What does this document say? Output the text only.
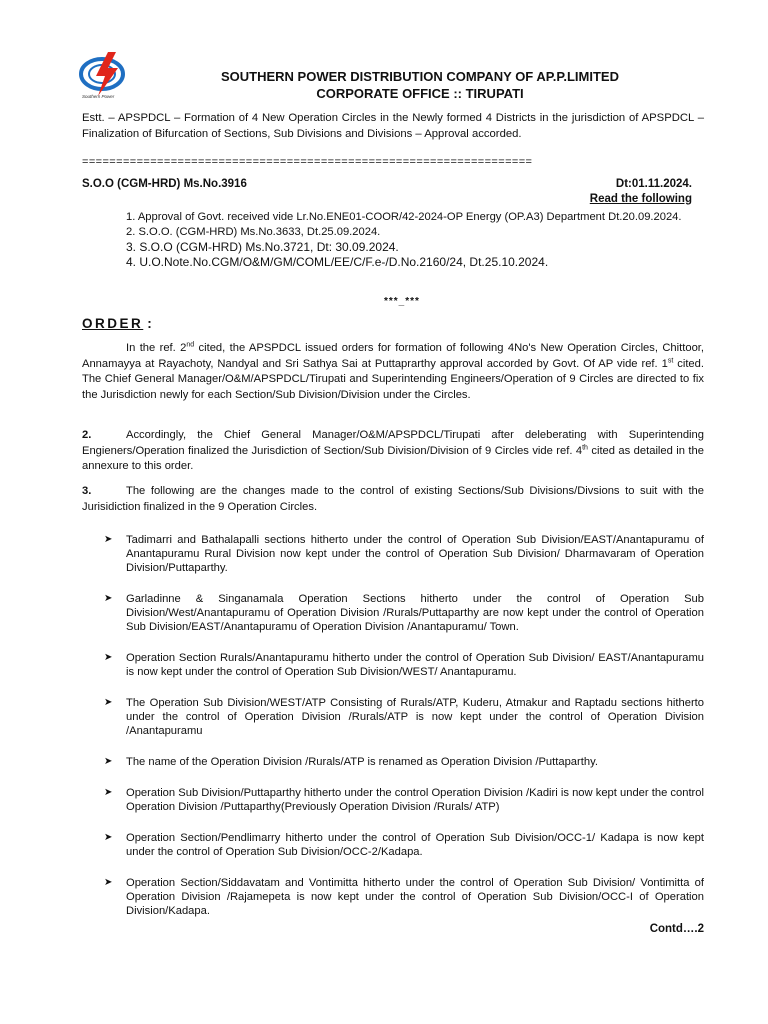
Southern Power
SOUTHERN POWER DISTRIBUTION COMPANY OF AP.P.LIMITED
CORPORATE OFFICE :: TIRUPATI
Estt. – APSPDCL – Formation of 4 New Operation Circles in the Newly formed 4 Districts in the jurisdiction of APSPDCL – Finalization of Bifurcation of Sections, Sub Divisions and Divisions – Approval accorded.
==================================================================
S.O.O (CGM-HRD) Ms.No.3916	Dt:01.11.2024.
Read the following
1. Approval of Govt. received vide Lr.No.ENE01-COOR/42-2024-OP Energy (OP.A3) Department Dt.20.09.2024.
2. S.O.O. (CGM-HRD) Ms.No.3633, Dt.25.09.2024.
3. S.O.O (CGM-HRD) Ms.No.3721, Dt: 30.09.2024.
4. U.O.Note.No.CGM/O&M/GM/COML/EE/C/F.e-/D.No.2160/24, Dt.25.10.2024.
***_***
ORDER :
In the ref. 2nd cited, the APSPDCL issued orders for formation of following 4No's New Operation Circles, Chittoor, Annamayya at Rayachoty, Nandyal and Sri Sathya Sai at Puttaprarthy approval accorded by Govt. Of AP vide ref. 1st cited. The Chief General Manager/O&M/APSPDCL/Tirupati and Superintending Engineers/Operation of 9 Circles are directed to fix the Jurisdiction newly for each Section/Sub Division/Division under the Circles.
2.	Accordingly, the Chief General Manager/O&M/APSPDCL/Tirupati after deleberating with Superintending Engieners/Operation finalized the Jurisdiction of Section/Sub Division/Division of 9 Circles vide ref. 4th cited as detailed in the annexure to this order.
3.	The following are the changes made to the control of existing Sections/Sub Divisions/Divsions to suit with the Jurisidiction finalized in the 9 Operation Circles.
➤ Tadimarri and Bathalapalli sections hitherto under the control of Operation Sub Division/EAST/Anantapuramu of Anantapuramu Rural Division now kept under the control of Operation Sub Division/ Dharmavaram of Operation Division/Puttaparthy.
➤ Garladinne & Singanamala Operation Sections hitherto under the control of Operation Sub Division/West/Anantapuramu of Operation Division /Rurals/Puttaparthy are now kept under the control of Operation Sub Division/EAST/Anantapuramu of Operation Division /Anantapuramu/ Town.
➤ Operation Section Rurals/Anantapuramu hitherto under the control of Operation Sub Division/ EAST/Anantapuramu is now kept under the control of Operation Sub Division/WEST/ Anantapuramu.
➤ The Operation Sub Division/WEST/ATP Consisting of Rurals/ATP, Kuderu, Atmakur and Raptadu sections hitherto under the control of Operation Division /Rurals/ATP is now kept under the control of Operation Division /Anantapuramu
➤ The name of the Operation Division /Rurals/ATP is renamed as Operation Division /Puttaparthy.
➤ Operation Sub Division/Puttaparthy hitherto under the control Operation Division /Kadiri is now kept under the control Operation Division /Puttaparthy(Previously Operation Division /Rurals/ ATP)
➤ Operation Section/Pendlimarry hitherto under the control of Operation Sub Division/OCC-1/ Kadapa is now kept under the control of Operation Sub Division/OCC-2/Kadapa.
➤ Operation Section/Siddavatam and Vontimitta hitherto under the control of Operation Sub Division/ Vontimitta of Operation Division /Rajamepeta is now kept under the control of Operation Sub Division/OCC-I of Operation Division/Kadapa.
Contd….2
